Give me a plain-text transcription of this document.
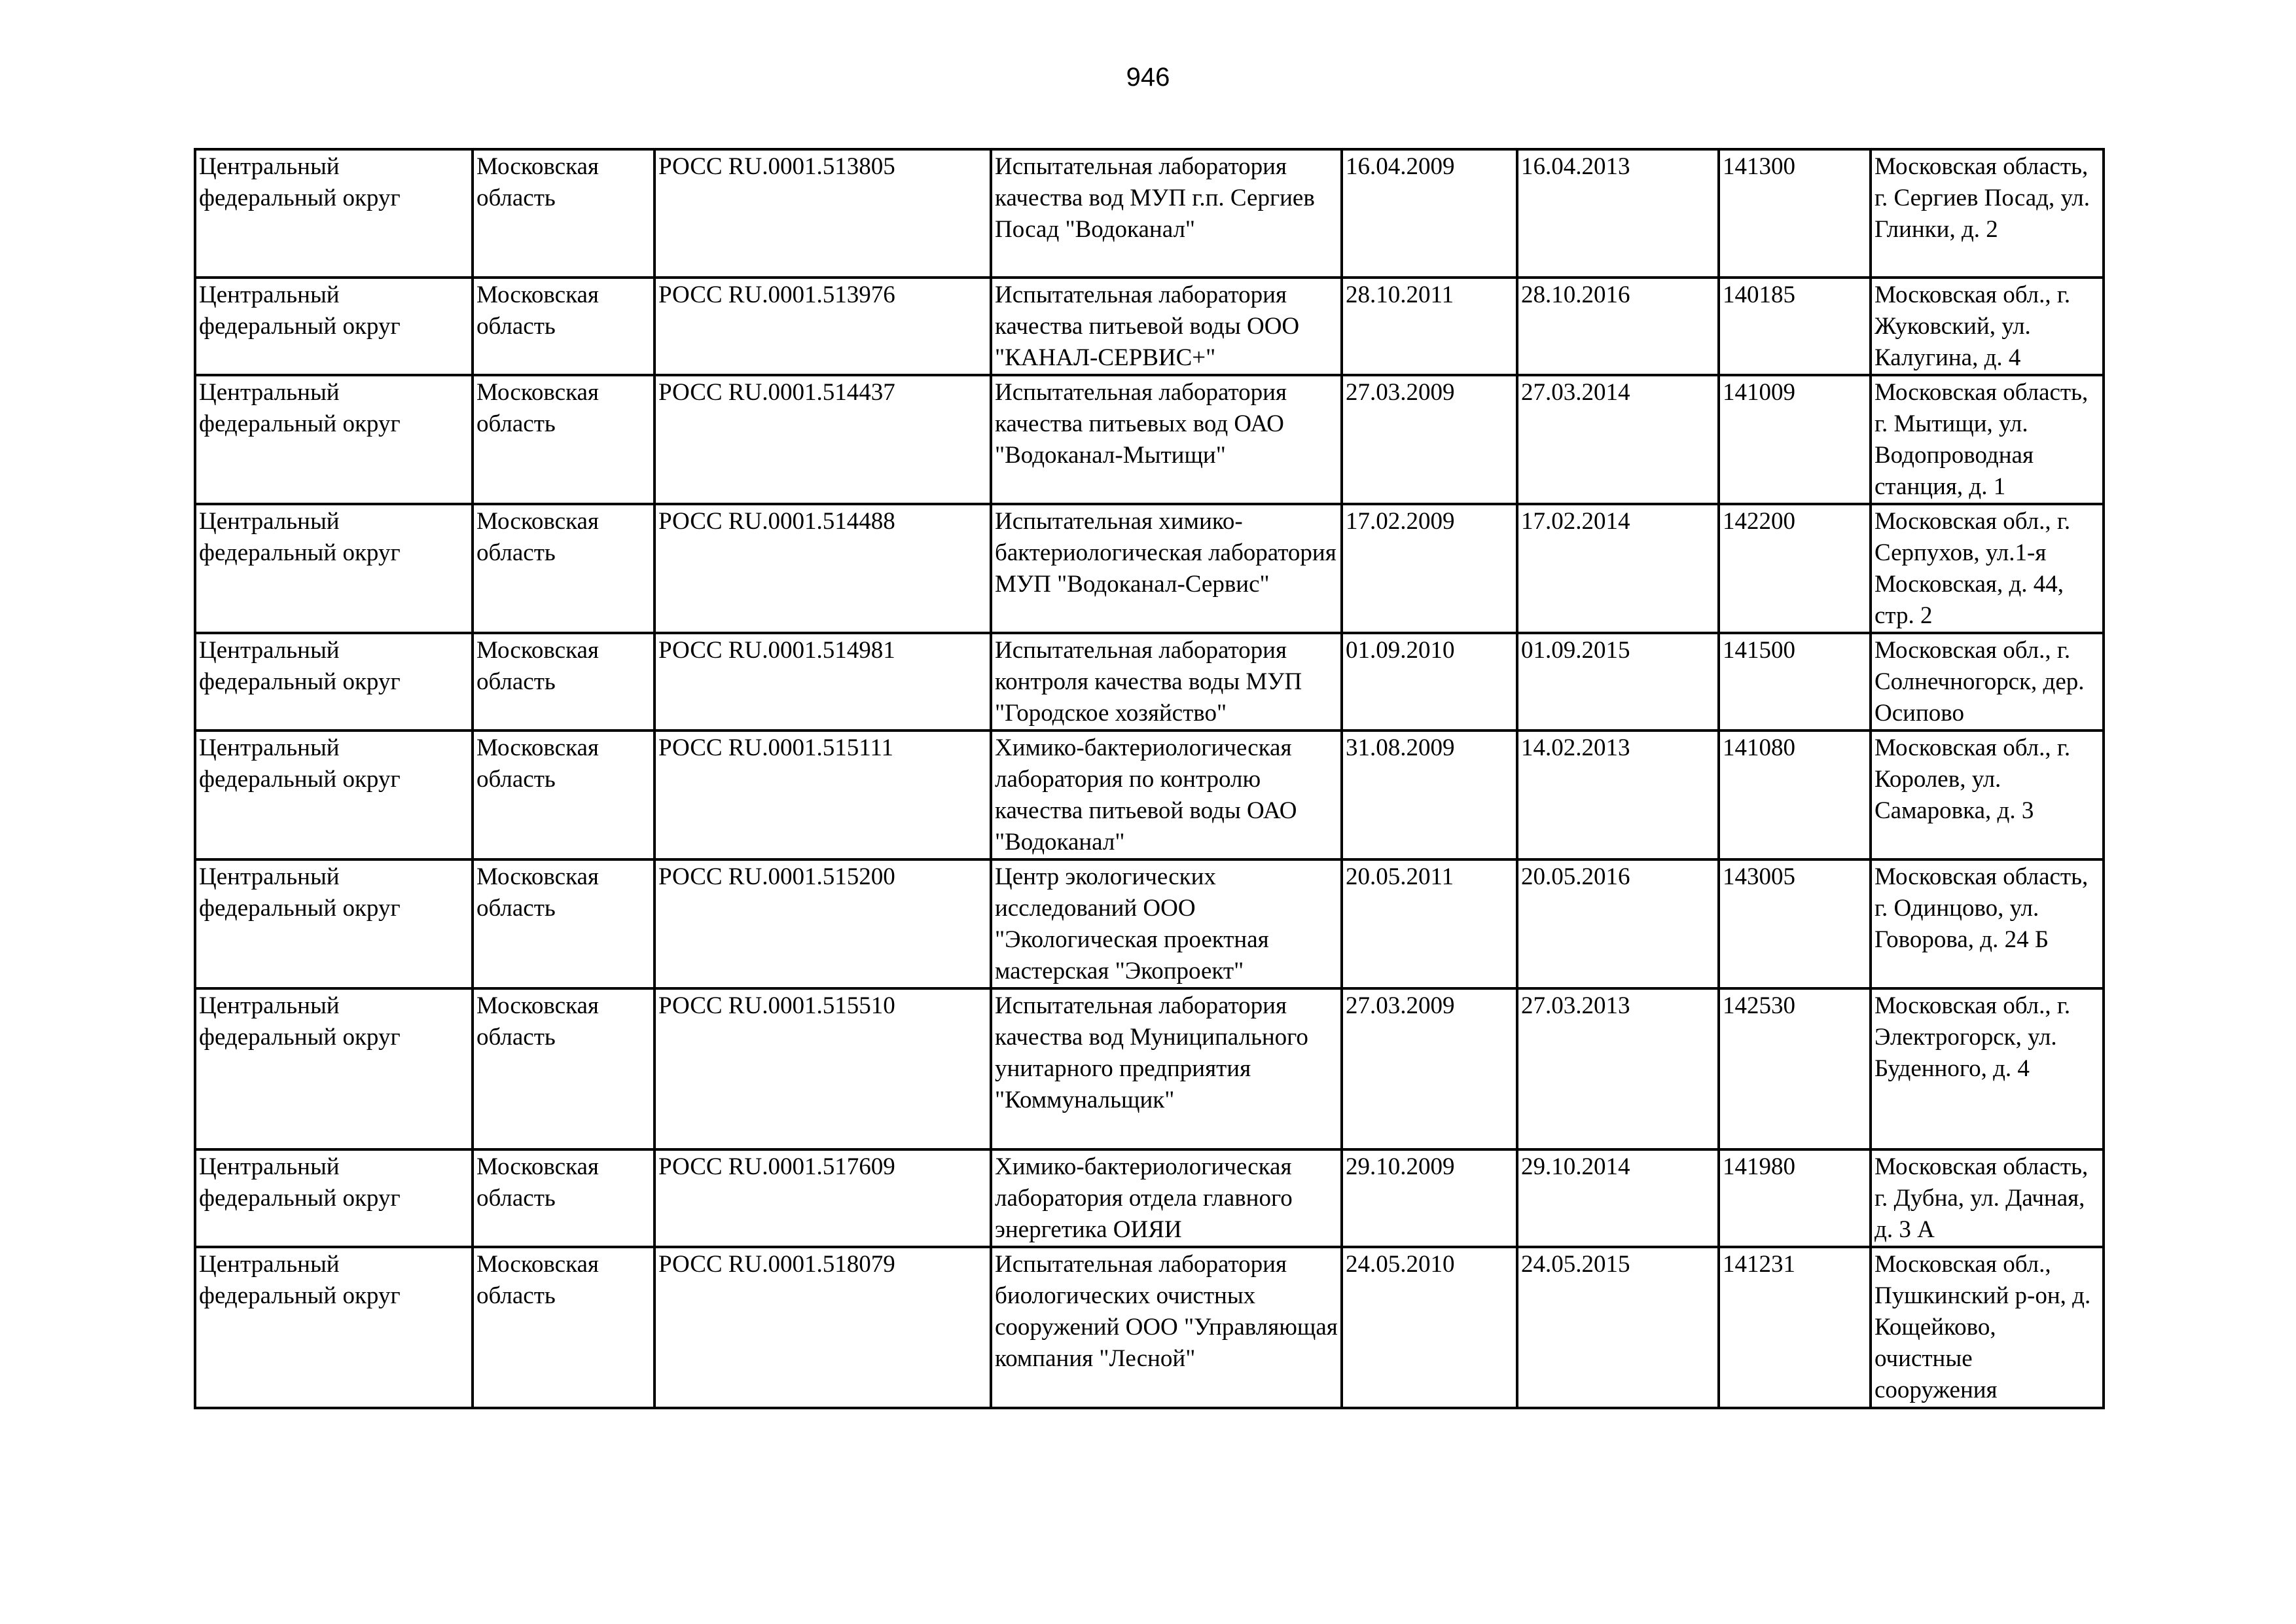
946
Центральный федеральный округ	Московская область	РОСС RU.0001.513805	Испытательная лаборатория качества вод МУП г.п. Сергиев Посад "Водоканал"	16.04.2009	16.04.2013	141300	Московская область, г. Сергиев Посад, ул. Глинки, д. 2
Центральный федеральный округ	Московская область	РОСС RU.0001.513976	Испытательная лаборатория качества питьевой воды ООО "КАНАЛ-СЕРВИС+"	28.10.2011	28.10.2016	140185	Московская обл., г. Жуковский, ул. Калугина, д. 4
Центральный федеральный округ	Московская область	РОСС RU.0001.514437	Испытательная лаборатория качества питьевых вод ОАО "Водоканал-Мытищи"	27.03.2009	27.03.2014	141009	Московская область, г. Мытищи, ул. Водопроводная станция, д. 1
Центральный федеральный округ	Московская область	РОСС RU.0001.514488	Испытательная химико-бактериологическая лаборатория МУП "Водоканал-Сервис"	17.02.2009	17.02.2014	142200	Московская обл., г. Серпухов, ул.1-я Московская, д. 44, стр. 2
Центральный федеральный округ	Московская область	РОСС RU.0001.514981	Испытательная лаборатория контроля качества воды МУП "Городское хозяйство"	01.09.2010	01.09.2015	141500	Московская обл., г. Солнечногорск, дер. Осипово
Центральный федеральный округ	Московская область	РОСС RU.0001.515111	Химико-бактериологическая лаборатория по контролю качества питьевой воды ОАО "Водоканал"	31.08.2009	14.02.2013	141080	Московская обл., г. Королев, ул. Самаровка, д. 3
Центральный федеральный округ	Московская область	РОСС RU.0001.515200	Центр экологических исследований ООО "Экологическая проектная мастерская "Экопроект"	20.05.2011	20.05.2016	143005	Московская область, г. Одинцово, ул. Говорова, д. 24 Б
Центральный федеральный округ	Московская область	РОСС RU.0001.515510	Испытательная лаборатория качества вод Муниципального унитарного предприятия "Коммунальщик"	27.03.2009	27.03.2013	142530	Московская обл., г. Электрогорск, ул. Буденного, д. 4
Центральный федеральный округ	Московская область	РОСС RU.0001.517609	Химико-бактериологическая лаборатория отдела главного энергетика ОИЯИ	29.10.2009	29.10.2014	141980	Московская область, г. Дубна, ул. Дачная, д. 3 А
Центральный федеральный округ	Московская область	РОСС RU.0001.518079	Испытательная лаборатория биологических очистных сооружений ООО "Управляющая компания "Лесной"	24.05.2010	24.05.2015	141231	Московская обл., Пушкинский р-он, д. Кощейково, очистные сооружения
